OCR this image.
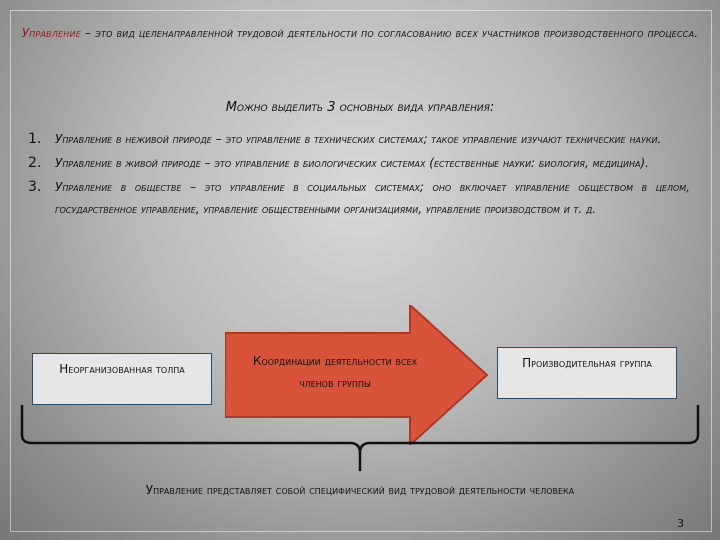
Управление – это вид целенаправленной трудовой деятельности по согласованию всех участников производственного процесса.
Можно выделить 3 основных вида управления:
1. Управление в неживой природе – это управление в технических системах; такое управление изучают технические науки.
2. Управление в живой природе – это управление в биологических системах (естественные науки: биология, медицина).
3. Управление в обществе – это управление в социальных системах; оно включает управление обществом в целом, государственное управление, управление общественными организациями, управление производством и т. д.
Неорганизованная толпа
Координации деятельности всех членов группы
Производительная группа
Управление представляет собой специфический вид трудовой деятельности человека
3
